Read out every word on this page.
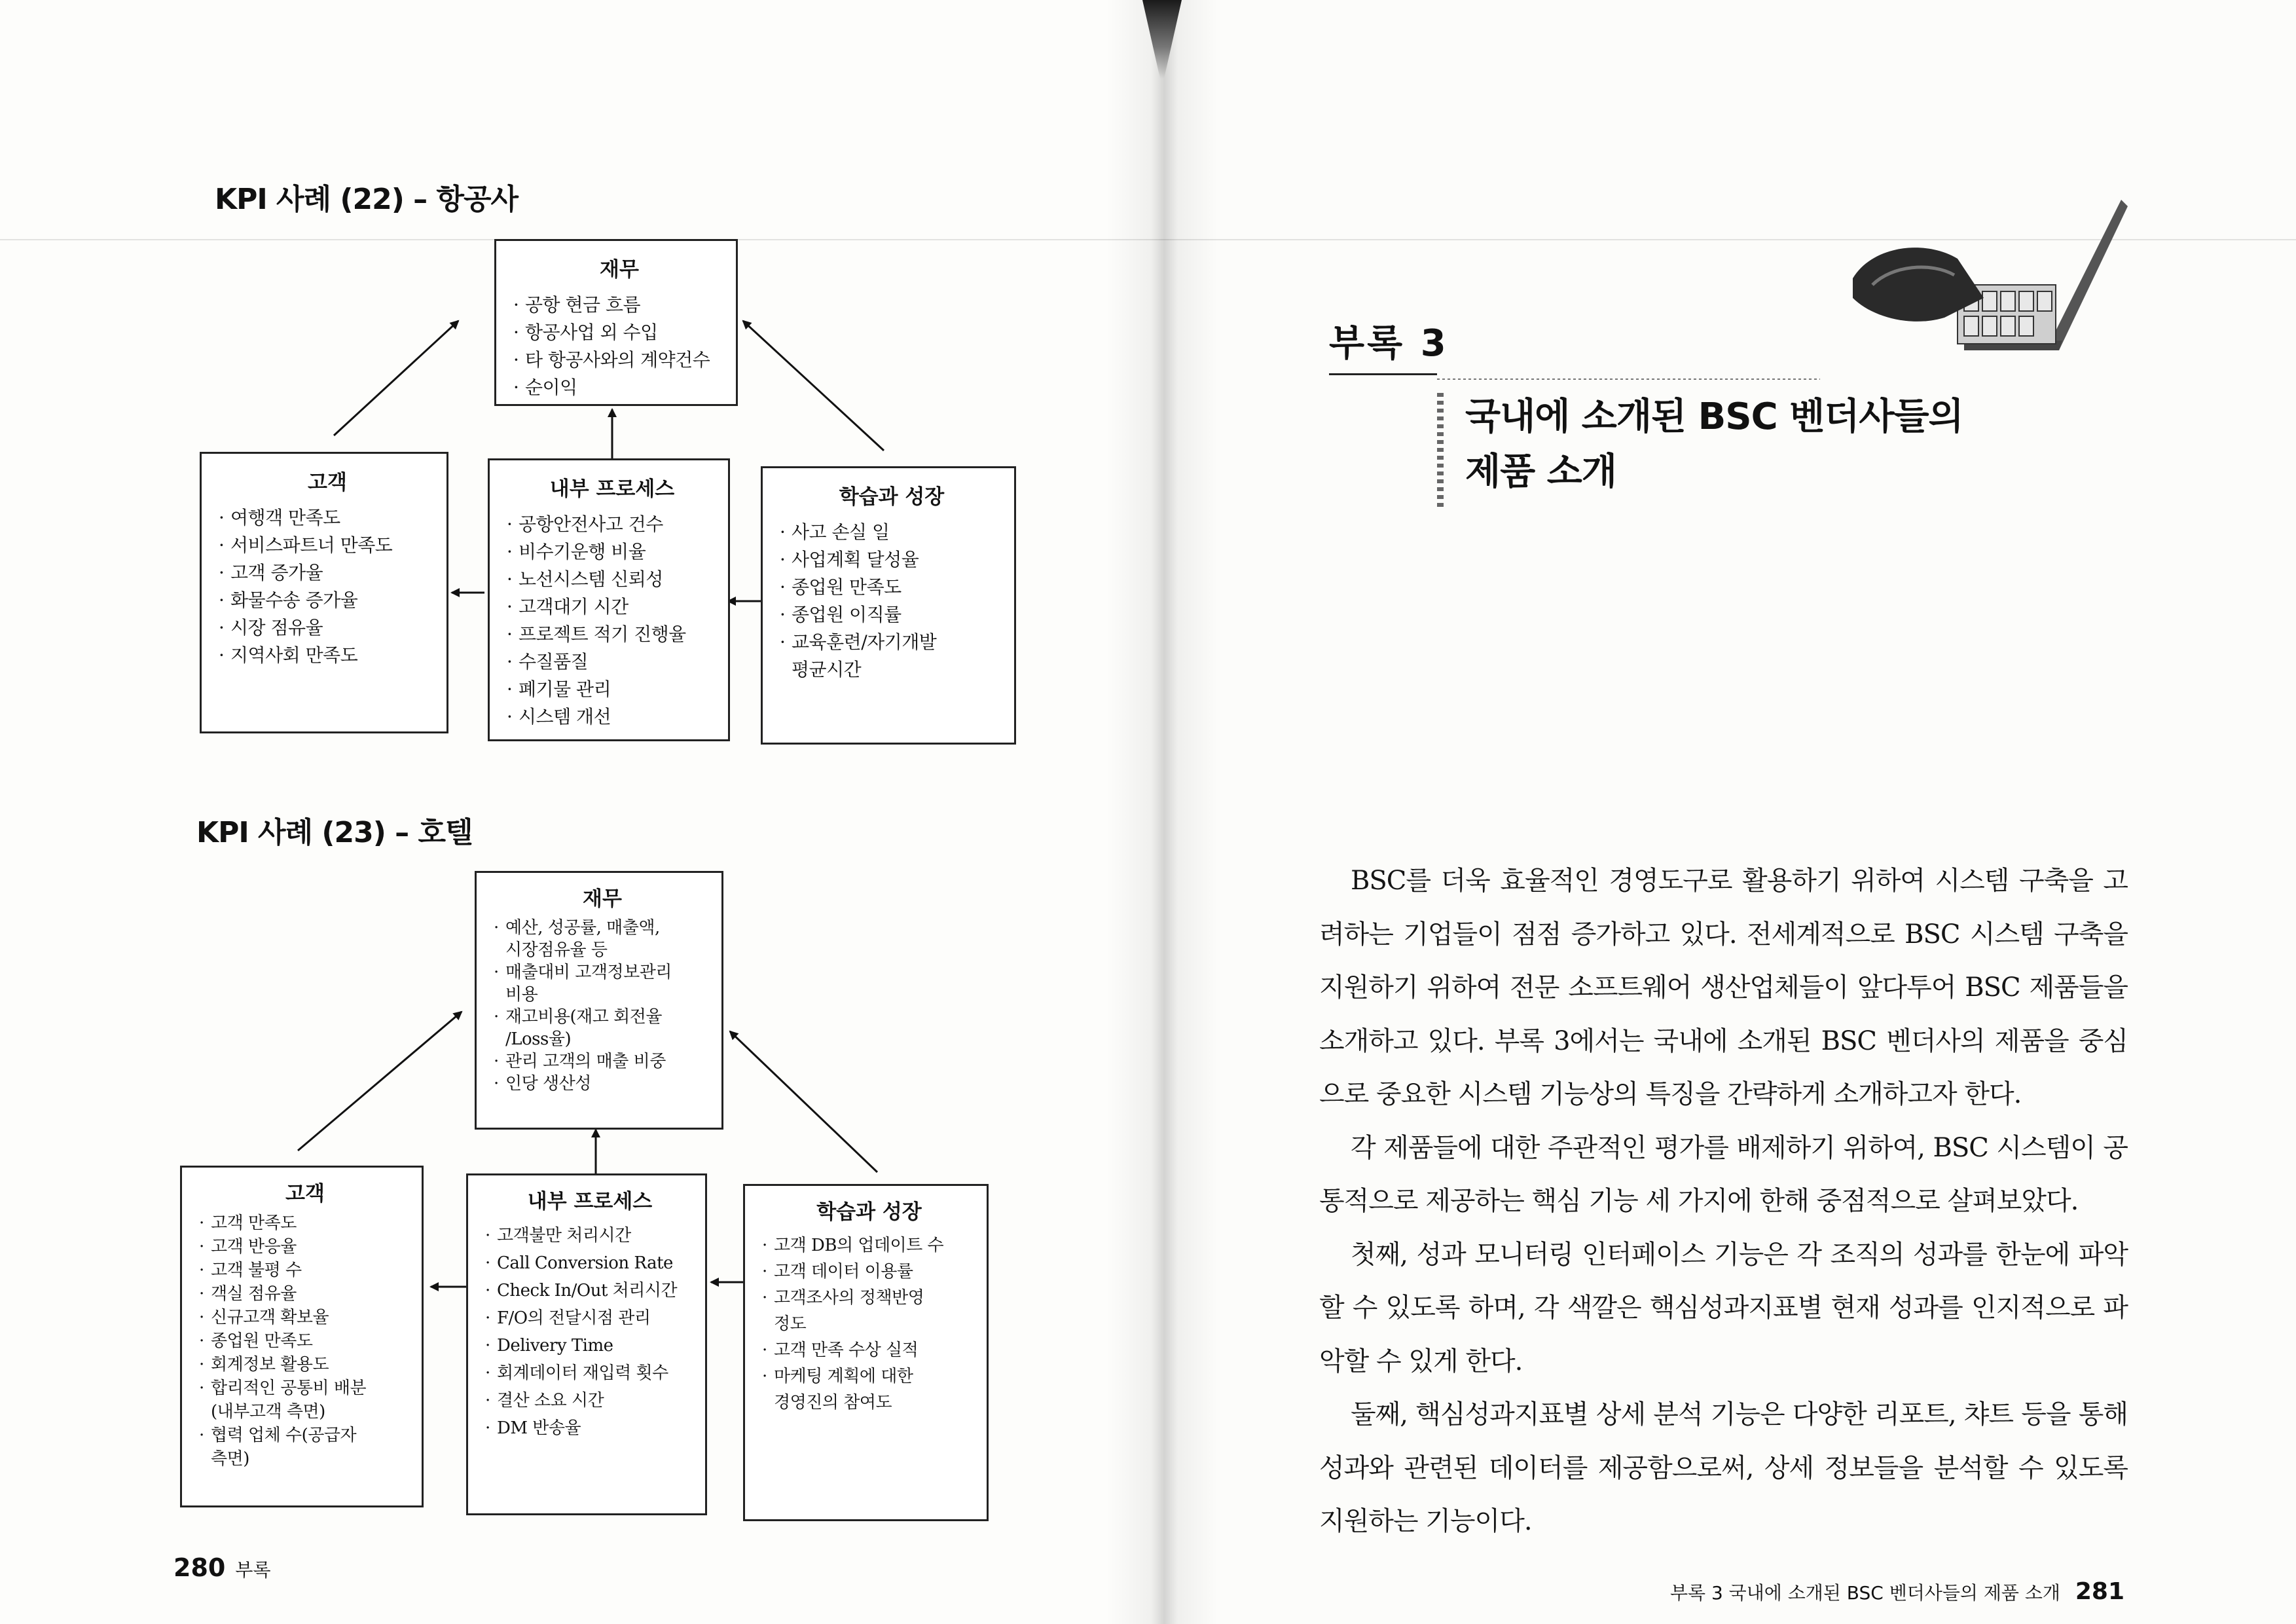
KPI 사례 (22) – 항공사
재무
· 공항 현금 흐름
· 항공사업 외 수입
· 타 항공사와의 계약건수
· 순이익
고객
· 여행객 만족도
· 서비스파트너 만족도
· 고객 증가율
· 화물수송 증가율
· 시장 점유율
· 지역사회 만족도
내부 프로세스
· 공항안전사고 건수
· 비수기운행 비율
· 노선시스템 신뢰성
· 고객대기 시간
· 프로젝트 적기 진행율
· 수질품질
· 폐기물 관리
· 시스템 개선
학습과 성장
· 사고 손실 일
· 사업계획 달성율
· 종업원 만족도
· 종업원 이직률
· 교육훈련/자기개발
평균시간
KPI 사례 (23) – 호텔
재무
· 예산, 성공률, 매출액,
시장점유율 등
· 매출대비 고객정보관리
비용
· 재고비용(재고 회전율
/Loss율)
· 관리 고객의 매출 비중
· 인당 생산성
고객
· 고객 만족도
· 고객 반응율
· 고객 불평 수
· 객실 점유율
· 신규고객 확보율
· 종업원 만족도
· 회계정보 활용도
· 합리적인 공통비 배분
(내부고객 측면)
· 협력 업체 수(공급자
측면)
내부 프로세스
· 고객불만 처리시간
· Call Conversion Rate
· Check In/Out 처리시간
· F/O의 전달시점 관리
· Delivery Time
· 회계데이터 재입력 횟수
· 결산 소요 시간
· DM 반송율
학습과 성장
· 고객 DB의 업데이트 수
· 고객 데이터 이용률
· 고객조사의 정책반영
정도
· 고객 만족 수상 실적
· 마케팅 계획에 대한
경영진의 참여도
280 부록
부록 3
국내에 소개된 BSC 벤더사들의
제품 소개

BSC를 더욱 효율적인 경영도구로 활용하기 위하여 시스템 구축을 고려하는 기업들이 점점 증가하고 있다. 전세계적으로 BSC 시스템 구축을 지원하기 위하여 전문 소프트웨어 생산업체들이 앞다투어 BSC 제품들을 소개하고 있다. 부록 3에서는 국내에 소개된 BSC 벤더사의 제품을 중심으로 중요한 시스템 기능상의 특징을 간략하게 소개하고자 한다.

각 제품들에 대한 주관적인 평가를 배제하기 위하여, BSC 시스템이 공통적으로 제공하는 핵심 기능 세 가지에 한해 중점적으로 살펴보았다.

첫째, 성과 모니터링 인터페이스 기능은 각 조직의 성과를 한눈에 파악할 수 있도록 하며, 각 색깔은 핵심성과지표별 현재 성과를 인지적으로 파악할 수 있게 한다.

둘째, 핵심성과지표별 상세 분석 기능은 다양한 리포트, 챠트 등을 통해 성과와 관련된 데이터를 제공함으로써, 상세 정보들을 분석할 수 있도록 지원하는 기능이다.

부록 3 국내에 소개된 BSC 벤더사들의 제품 소개 281
